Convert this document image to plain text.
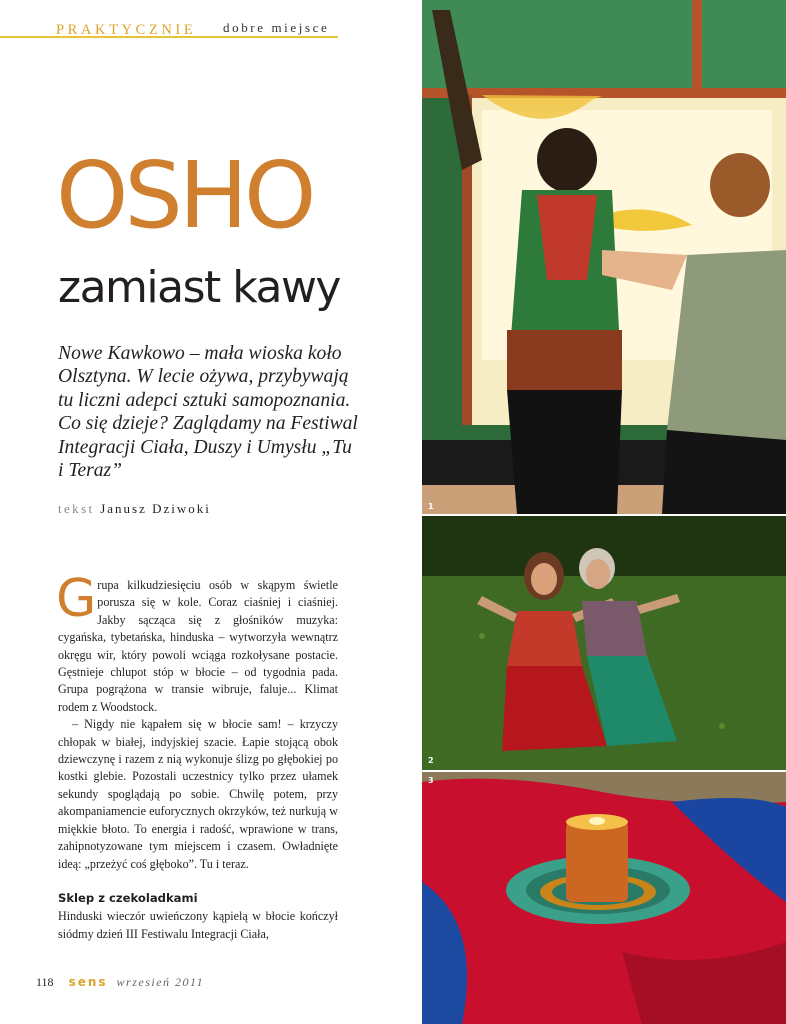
PRAKTYCZNIE dobre miejsce
OSHO
zamiast kawy

Nowe Kawkowo – mała wioska koło Olsztyna. W lecie ożywa, przybywają tu liczni adepci sztuki samopoznania. Co się dzieje? Zaglądamy na Festiwal Integracji Ciała, Duszy i Umysłu „Tu i Teraz”

tekst Janusz Dziwoki
Grupa kilkudziesięciu osób w skąpym świetle porusza się w kole. Coraz ciaśniej i ciaśniej. Jakby sącząca się z głośników muzyka: cygańska, tybetańska, hinduska – wytworzyła wewnątrz okręgu wir, który powoli wciąga rozkołysane postacie. Gęstnieje chlupot stóp w błocie – od tygodnia pada. Grupa pogrążona w transie wibruje, faluje... Klimat rodem z Woodstock.
– Nigdy nie kąpałem się w błocie sam! – krzyczy chłopak w białej, indyjskiej szacie. Łapie stojącą obok dziewczynę i razem z nią wykonuje ślizg po głębokiej po kostki glebie. Pozostali uczestnicy tylko przez ułamek sekundy spoglądają po sobie. Chwilę potem, przy akompaniamencie euforycznych okrzyków, też nurkują w miękkie błoto. To energia i radość, wprawione w trans, zahipnotyzowane tym miejscem i czasem. Owładnięte ideą: „przeżyć coś głęboko”. Tu i teraz.
Sklep z czekoladkami
Hinduski wieczór uwieńczony kąpielą w błocie kończył siódmy dzień III Festiwalu Integracji Ciała,
118 sens wrzesień 2011
1
2
3
